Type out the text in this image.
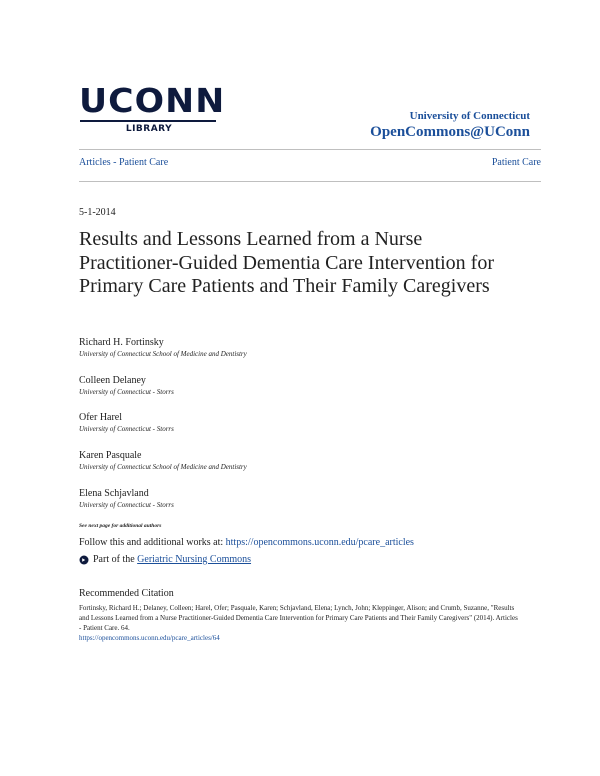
UCONN
LIBRARY
University of Connecticut
OpenCommons@UConn
Articles - Patient Care	Patient Care
5-1-2014
Results and Lessons Learned from a Nurse Practitioner-Guided Dementia Care Intervention for Primary Care Patients and Their Family Caregivers
Richard H. Fortinsky
University of Connecticut School of Medicine and Dentistry
Colleen Delaney
University of Connecticut - Storrs
Ofer Harel
University of Connecticut - Storrs
Karen Pasquale
University of Connecticut School of Medicine and Dentistry
Elena Schjavland
University of Connecticut - Storrs
See next page for additional authors
Follow this and additional works at: https://opencommons.uconn.edu/pcare_articles
Part of the
Geriatric Nursing Commons
Recommended Citation
Fortinsky, Richard H.; Delaney, Colleen; Harel, Ofer; Pasquale, Karen; Schjavland, Elena; Lynch, John; Kleppinger, Alison; and Crumb, Suzanne, "Results and Lessons Learned from a Nurse Practitioner-Guided Dementia Care Intervention for Primary Care Patients and Their Family Caregivers" (2014). Articles - Patient Care. 64.
https://opencommons.uconn.edu/pcare_articles/64
